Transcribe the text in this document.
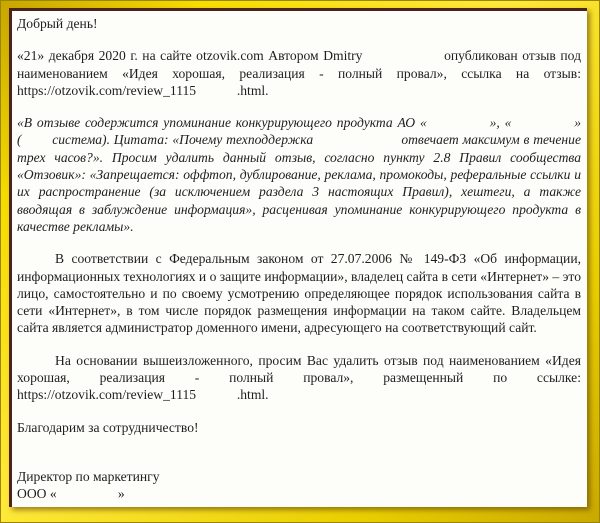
Добрый день!

«21» декабря 2020 г. на сайте otzovik.com Автором Dmitry                  опубликован отзыв под наименованием «Идея хорошая, реализация - полный провал», ссылка на отзыв: https://otzovik.com/review_1115            .html.

«В отзыве содержится упоминание конкурирующего продукта АО «             », «             » (        система). Цитата: «Почему техподдержка                       отвечает максимум в течение трех часов?». Просим удалить данный отзыв, согласно пункту 2.8 Правил сообщества «Отзовик»: «Запрещается: оффтоп, дублирование, реклама, промокоды, реферальные ссылки и их распространение (за исключением раздела 3 настоящих Правил), хештеги, а также вводящая в заблуждение информация», расценивая упоминание конкурирующего продукта в качестве рекламы».

В соответствии с Федеральным законом от 27.07.2006 № 149-ФЗ «Об информации, информационных технологиях и о защите информации», владелец сайта в сети «Интернет» – это лицо, самостоятельно и по своему усмотрению определяющее порядок использования сайта в сети «Интернет», в том числе порядок размещения информации на таком сайте. Владельцем сайта является администратор доменного имени, адресующего на соответствующий сайт.

На основании вышеизложенного, просим Вас удалить отзыв под наименованием «Идея хорошая, реализация - полный провал», размещенный по ссылке: https://otzovik.com/review_1115            .html.

Благодарим за сотрудничество!

Директор по маркетингу

ООО «                  »
